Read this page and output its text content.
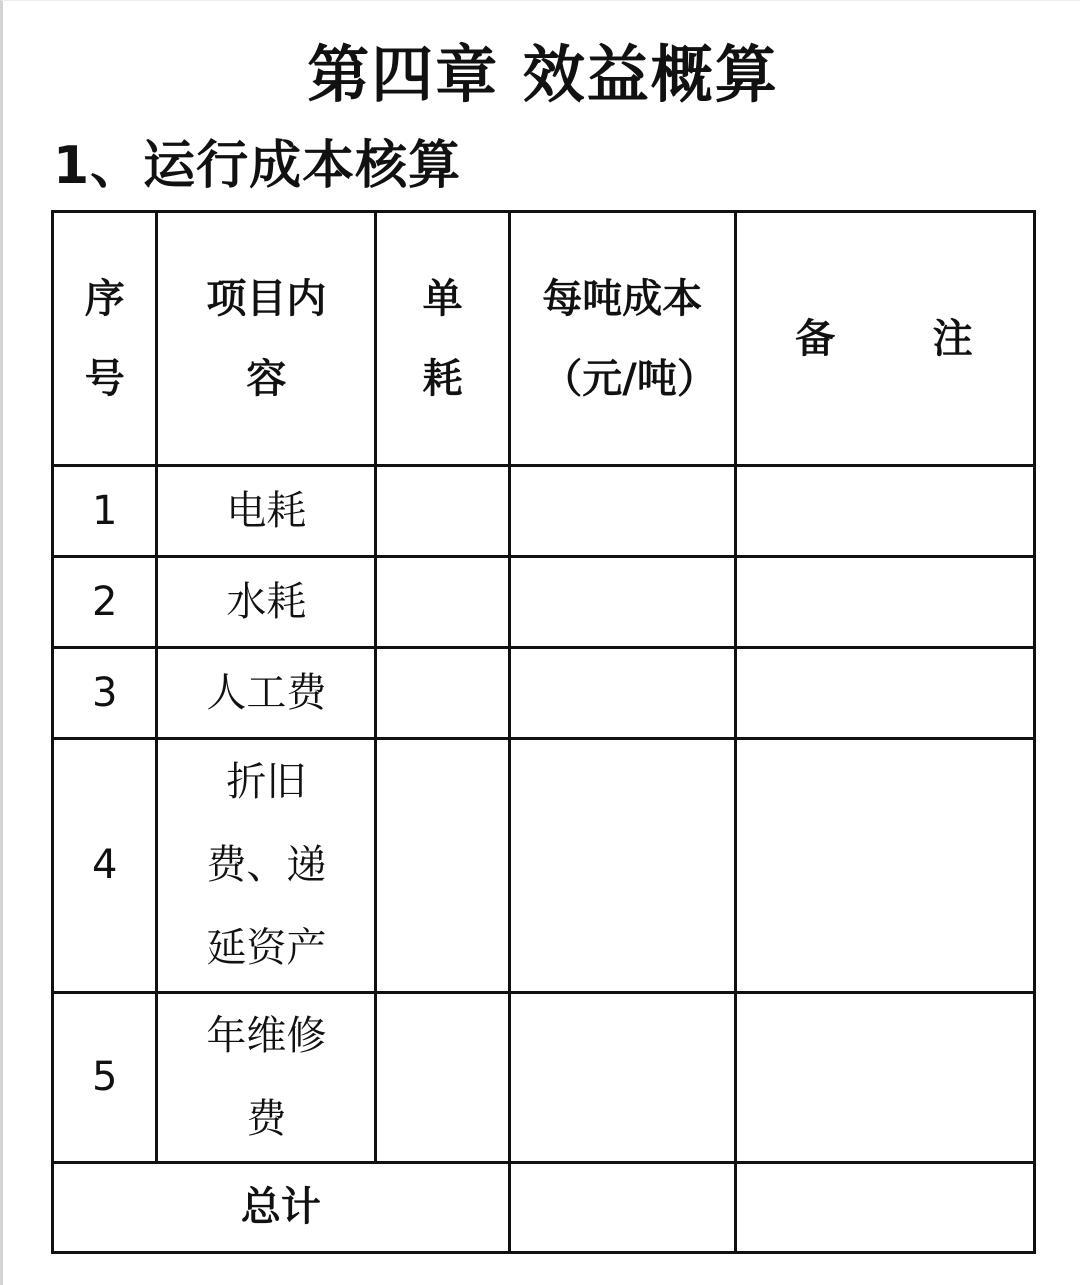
第四章 效益概算
1、运行成本核算
序号	项目内容	单耗	每吨成本（元/吨）	备      注
1	电耗			
2	水耗			
3	人工费			
4	折旧费、递延资产			
5	年维修费			
总计				
